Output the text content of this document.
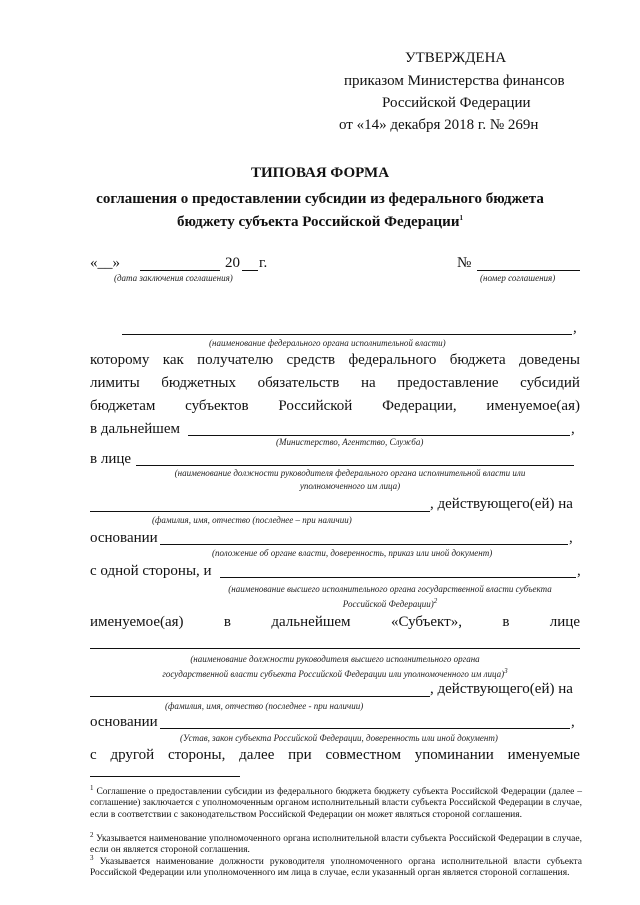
УТВЕРЖДЕНА
приказом Министерства финансов
Российской Федерации
от «14» декабря 2018 г. № 269н
ТИПОВАЯ ФОРМА
соглашения о предоставлении субсидии из федерального бюджета
бюджету субъекта Российской Федерации$^1$
«__»	20 г.	№
(дата заключения соглашения)	(номер соглашения)
,
(наименование федерального органа исполнительной власти)
которому как получателю средств федерального бюджета доведены
лимиты бюджетных обязательств на предоставление субсидий
бюджетам субъектов Российской Федерации, именуемое(ая)
в дальнейшем	,
(Министерство, Агентство, Служба)
в лице
(наименование должности руководителя федерального органа исполнительной власти или
уполномоченного им лица)
, действующего(ей) на
(фамилия, имя, отчество (последнее – при наличии)
основании	,
(положение об органе власти, доверенность, приказ или иной документ)
с одной стороны, и	,
(наименование высшего исполнительного органа государственной власти субъекта
Российской Федерации)$^2$
именуемое(ая)	в	дальнейшем	«Субъект»,	в	лице
(наименование должности руководителя высшего исполнительного органа
государственной власти субъекта Российской Федерации или уполномоченного им лица)$^3$
, действующего(ей) на
(фамилия, имя, отчество (последнее - при наличии)
основании	,
(Устав, закон субъекта Российской Федерации, доверенность или иной документ)
с другой стороны, далее при совместном упоминании именуемые
$^1$ Соглашение о предоставлении субсидии из федерального бюджета бюджету субъекта Российской Федерации (далее – соглашение) заключается с уполномоченным органом исполнительный власти субъекта Российской Федерации в случае, если в соответствии с законодательством Российской Федерации он может являться стороной соглашения.
$^2$ Указывается наименование уполномоченного органа исполнительной власти субъекта Российской Федерации в случае, если он является стороной соглашения.
$^3$ Указывается наименование должности руководителя уполномоченного органа исполнительной власти субъекта Российской Федерации или уполномоченного им лица в случае, если указанный орган является стороной соглашения.
